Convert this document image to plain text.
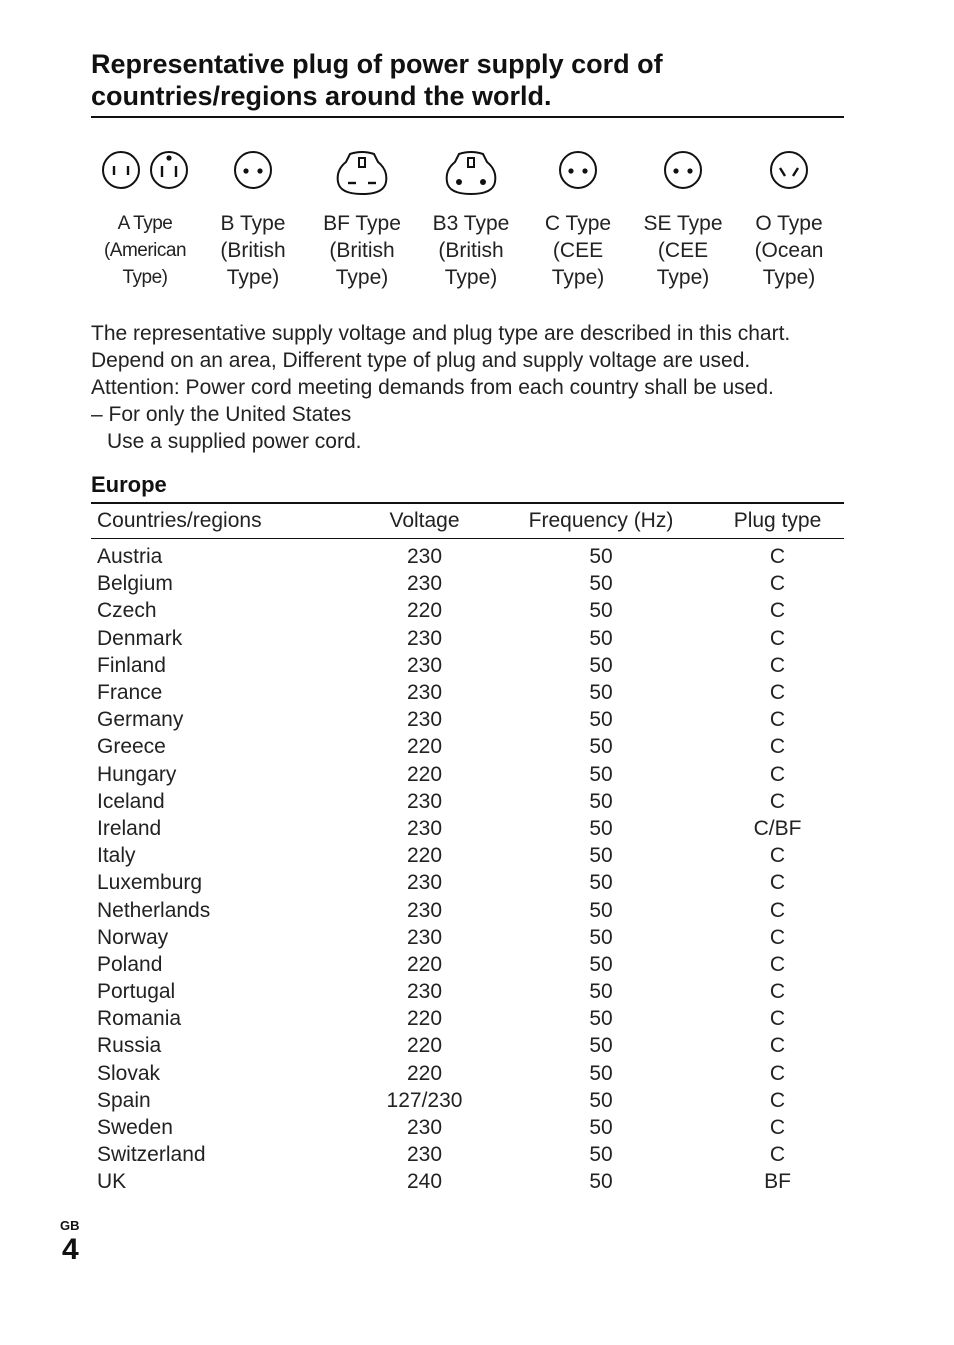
Representative plug of power supply cord of
countries/regions around the world.
A Type
(American
Type)
B Type
(British
Type)
BF Type
(British
Type)
B3 Type
(British
Type)
C Type
(CEE
Type)
SE Type
(CEE
Type)
O Type
(Ocean
Type)
The representative supply voltage and plug type are described in this chart.
Depend on an area, Different type of plug and supply voltage are used.
Attention: Power cord meeting demands from each country shall be used.
– For only the United States
Use a supplied power cord.
Europe
Countries/regions	Voltage	Frequency (Hz)	Plug type
Austria	230	50	C
Belgium	230	50	C
Czech	220	50	C
Denmark	230	50	C
Finland	230	50	C
France	230	50	C
Germany	230	50	C
Greece	220	50	C
Hungary	220	50	C
Iceland	230	50	C
Ireland	230	50	C/BF
Italy	220	50	C
Luxemburg	230	50	C
Netherlands	230	50	C
Norway	230	50	C
Poland	220	50	C
Portugal	230	50	C
Romania	220	50	C
Russia	220	50	C
Slovak	220	50	C
Spain	127/230	50	C
Sweden	230	50	C
Switzerland	230	50	C
UK	240	50	BF
GB
4
